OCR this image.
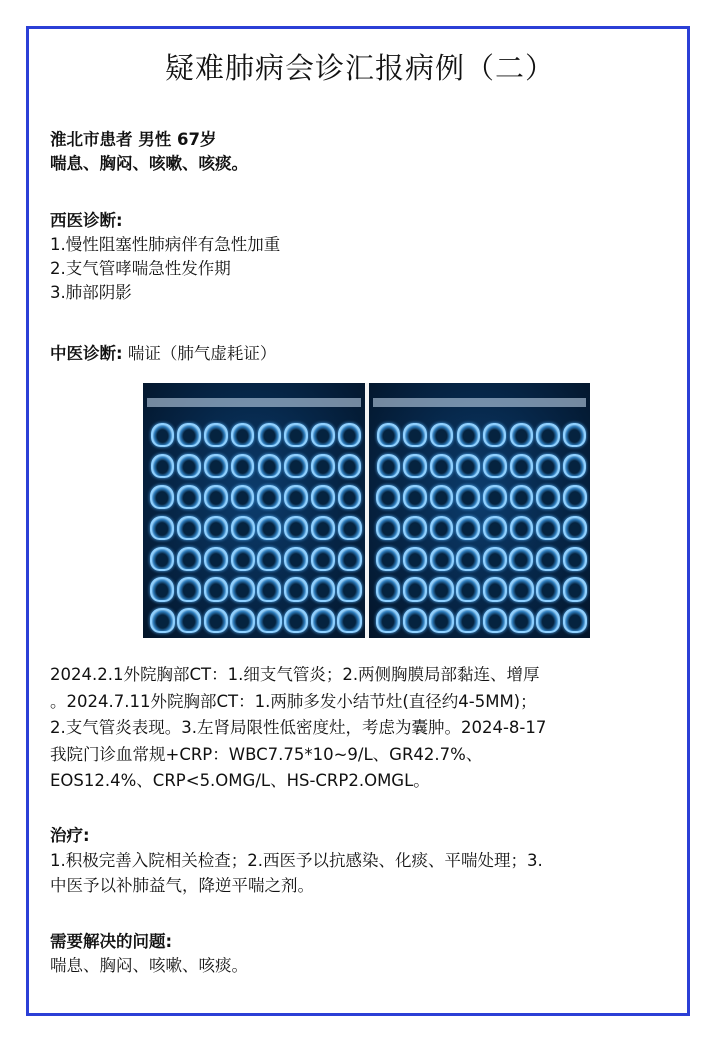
疑难肺病会诊汇报病例（二）
淮北市患者 男性 67岁
喘息、胸闷、咳嗽、咳痰。
西医诊断:
1.慢性阻塞性肺病伴有急性加重
2.支气管哮喘急性发作期
3.肺部阴影
中医诊断: 喘证（肺气虚耗证）
2024.2.1外院胸部CT：1.细支气管炎；2.两侧胸膜局部黏连、增厚
。2024.7.11外院胸部CT：1.两肺多发小结节灶(直径约4-5MM)；
2.支气管炎表现。3.左肾局限性低密度灶，考虑为囊肿。2024-8-17
我院门诊血常规+CRP：WBC7.75*10~9/L、GR42.7%、
EOS12.4%、CRP<5.OMG/L、HS-CRP2.OMGL。
治疗:
1.积极完善入院相关检查；2.西医予以抗感染、化痰、平喘处理；3.
中医予以补肺益气，降逆平喘之剂。
需要解决的问题:
喘息、胸闷、咳嗽、咳痰。
